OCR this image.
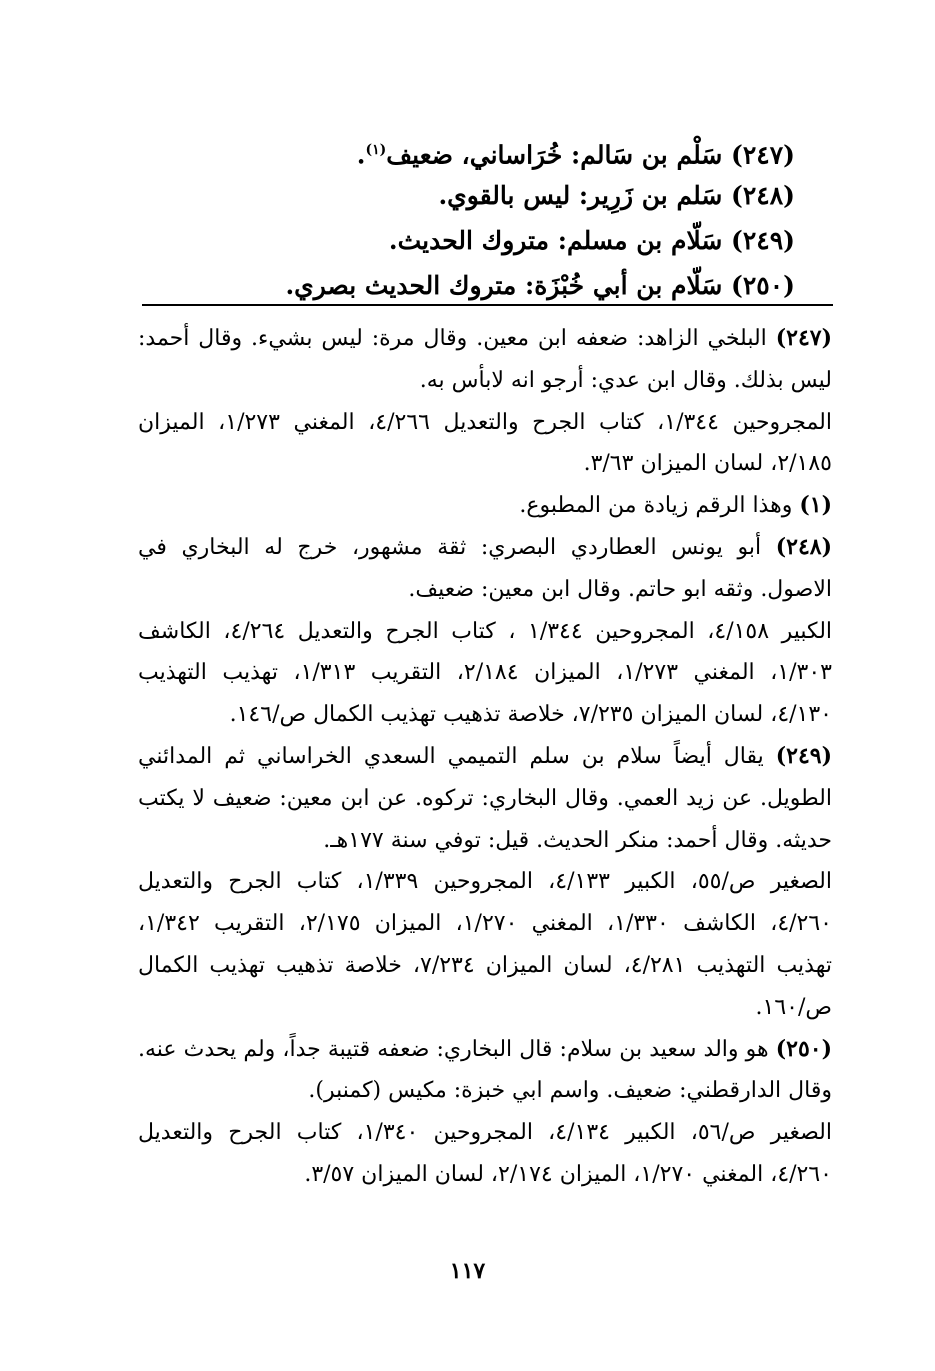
(٢٤٧) سَلْم بن سَالم: خُرَاساني، ضعيف$^{(١)}$.
(٢٤٨) سَلم بن زَرِير: ليس بالقوي.
(٢٤٩) سَلّام بن مسلم: متروك الحديث.
(٢٥٠) سَلّام بن أبي خُبْزَة: متروك الحديث بصري.

(٢٤٧) البلخي الزاهد: ضعفه ابن معين. وقال مرة: ليس بشيء. وقال أحمد: ليس بذلك. وقال ابن عدي: أرجو انه لابأس به.

المجروحين ١/٣٤٤، كتاب الجرح والتعديل ٤/٢٦٦، المغني ١/٢٧٣، الميزان ٢/١٨٥، لسان الميزان ٣/٦٣.

(١) وهذا الرقم زيادة من المطبوع.

(٢٤٨) أبو يونس العطاردي البصري: ثقة مشهور، خرج له البخاري في الاصول. وثقه ابو حاتم. وقال ابن معين: ضعيف.

الكبير ٤/١٥٨، المجروحين ١/٣٤٤ ، كتاب الجرح والتعديل ٤/٢٦٤، الكاشف ١/٣٠٣، المغني ١/٢٧٣، الميزان ٢/١٨٤، التقريب ١/٣١٣، تهذيب التهذيب ٤/١٣٠، لسان الميزان ٧/٢٣٥، خلاصة تذهيب تهذيب الكمال ص/١٤٦.

(٢٤٩) يقال أيضاً سلام بن سلم التميمي السعدي الخراساني ثم المدائني الطويل. عن زيد العمي. وقال البخاري: تركوه. عن ابن معين: ضعيف لا يكتب حديثه. وقال أحمد: منكر الحديث. قيل: توفي سنة ١٧٧هـ.

الصغير ص/٥٥، الكبير ٤/١٣٣، المجروحين ١/٣٣٩، كتاب الجرح والتعديل ٤/٢٦٠، الكاشف ١/٣٣٠، المغني ١/٢٧٠، الميزان ٢/١٧٥، التقريب ١/٣٤٢، تهذيب التهذيب ٤/٢٨١، لسان الميزان ٧/٢٣٤، خلاصة تذهيب تهذيب الكمال ص/١٦٠.

(٢٥٠) هو والد سعيد بن سلام: قال البخاري: ضعفه قتيبة جداً، ولم يحدث عنه. وقال الدارقطني: ضعيف. واسم ابي خبزة: مكيس (كمنبر).

الصغير ص/٥٦، الكبير ٤/١٣٤، المجروحين ١/٣٤٠، كتاب الجرح والتعديل ٤/٢٦٠، المغني ١/٢٧٠، الميزان ٢/١٧٤، لسان الميزان ٣/٥٧.

١١٧
